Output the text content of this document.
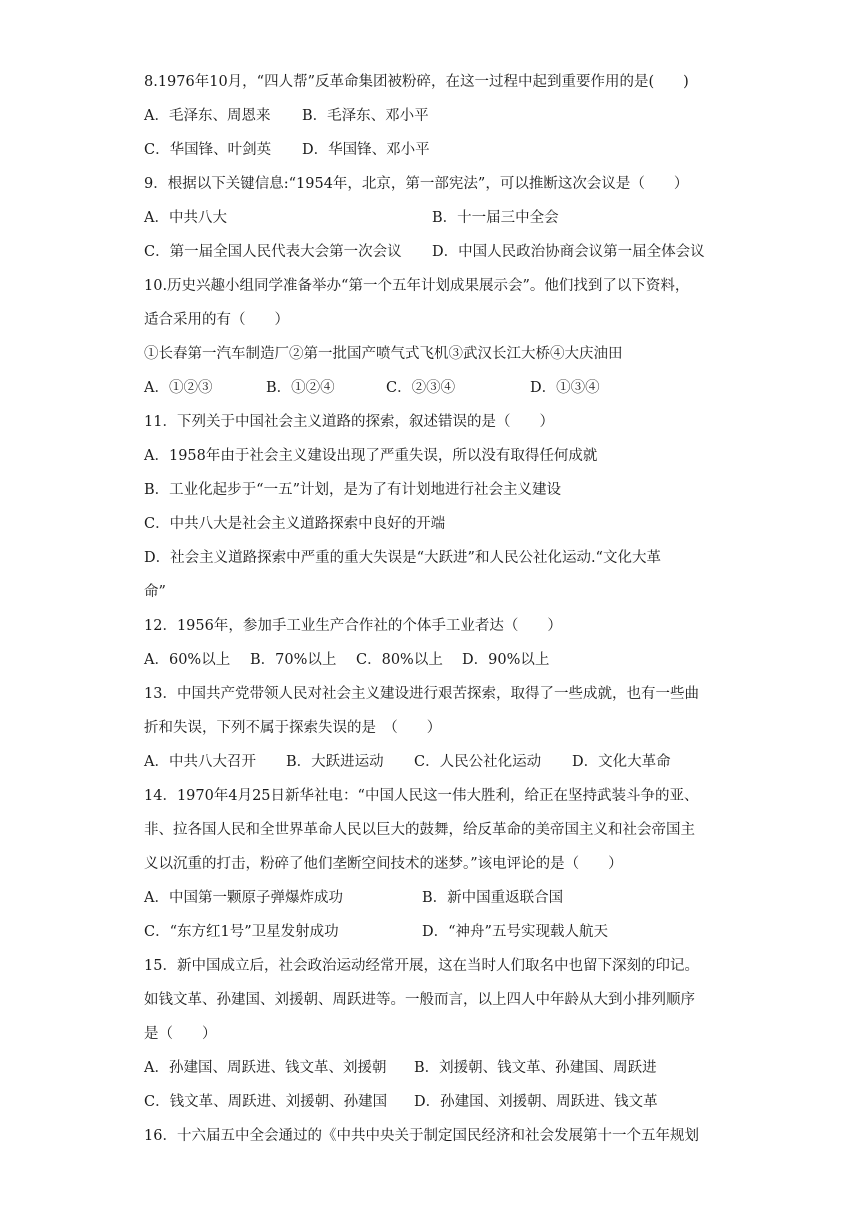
8.1976年10月，“四人帮”反革命集团被粉碎，在这一过程中起到重要作用的是(　　)
A．毛泽东、周恩来 B．毛泽东、邓小平
C．华国锋、叶剑英 D．华国锋、邓小平
9．根据以下关键信息:“1954年，北京，第一部宪法”，可以推断这次会议是（　　）
A．中共八大	B．十一届三中全会
C．第一届全国人民代表大会第一次会议 D．中国人民政治协商会议第一届全体会议
10.历史兴趣小组同学准备举办“第一个五年计划成果展示会”。他们找到了以下资料，
适合采用的有（　　）
①长春第一汽车制造厂②第一批国产喷气式飞机③武汉长江大桥④大庆油田
A．①②③	B．①②④	C．②③④	D．①③④
11．下列关于中国社会主义道路的探索，叙述错误的是（　　）
A．1958年由于社会主义建设出现了严重失误，所以没有取得任何成就
B．工业化起步于“一五”计划，是为了有计划地进行社会主义建设
C．中共八大是社会主义道路探索中良好的开端
D．社会主义道路探索中严重的重大失误是“大跃进”和人民公社化运动.“文化大革
命”
12．1956年，参加手工业生产合作社的个体手工业者达（　　）
A．60%以上 B．70%以上 C．80%以上 D．90%以上
13．中国共产党带领人民对社会主义建设进行艰苦探索，取得了一些成就，也有一些曲
折和失误，下列不属于探索失误的是　（　　）
A．中共八大召开 B．大跃进运动 C．人民公社化运动 D．文化大革命
14．1970年4月25日新华社电：“中国人民这一伟大胜利，给正在坚持武装斗争的亚、
非、拉各国人民和全世界革命人民以巨大的鼓舞，给反革命的美帝国主义和社会帝国主
义以沉重的打击，粉碎了他们垄断空间技术的迷梦。”该电评论的是（　　）
A．中国第一颗原子弹爆炸成功	B．新中国重返联合国
C．“东方红1号”卫星发射成功	D．“神舟”五号实现载人航天
15．新中国成立后，社会政治运动经常开展，这在当时人们取名中也留下深刻的印记。
如钱文革、孙建国、刘援朝、周跃进等。一般而言，以上四人中年龄从大到小排列顺序
是（　　）
A．孙建国、周跃进、钱文革、刘援朝 B．刘援朝、钱文革、孙建国、周跃进
C．钱文革、周跃进、刘援朝、孙建国 D．孙建国、刘援朝、周跃进、钱文革
16．十六届五中全会通过的《中共中央关于制定国民经济和社会发展第十一个五年规划
